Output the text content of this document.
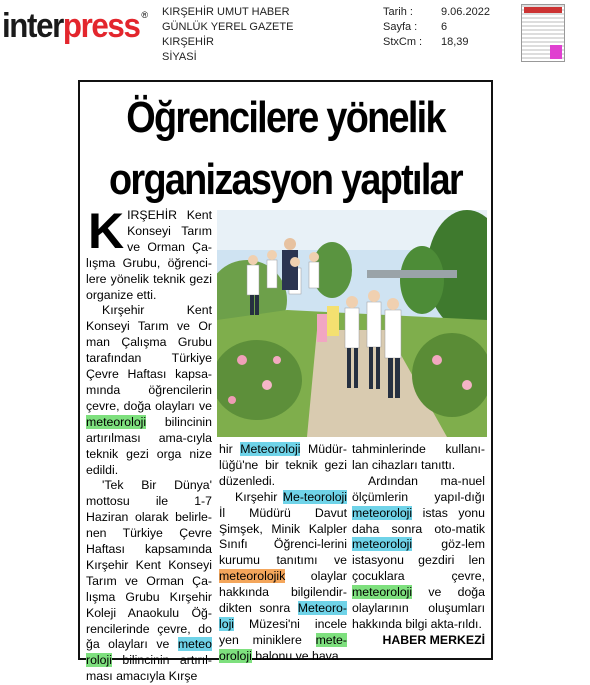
interpress ® KIRŞEHİR UMUT HABER
GÜNLÜK YEREL GAZETE
KIRŞEHİR
SİYASİ
Tarih :	9.06.2022
Sayfa :	6
StxCm :	18,39
Öğrencilere yönelik
organizasyon yaptılar

KIRŞEHİR Kent Konseyi Tarım ve Orman Ça-lışma Grubu, öğrenci-lere yönelik teknik gezi organize etti.

Kırşehir Kent Konseyi Tarım ve Or man Çalışma Grubu tarafından Türkiye Çevre Haftası kapsa-mında öğrencilerin çevre, doğa olayları ve meteoroloji bilincinin artırılması ama-cıyla teknik gezi orga nize edildi.

'Tek Bir Dünya' mottosu ile 1-7 Haziran olarak belirle-nen Türkiye Çevre Haftası kapsamında Kırşehir Kent Konseyi Tarım ve Orman Ça-lışma Grubu Kırşehir Koleji Anaokulu Öğ-rencilerinde çevre, do ğa olayları ve meteo roloji bilincinin artırıl-ması amacıyla Kırşe

hir Meteoroloji Müdür-lüğü'ne bir teknik gezi düzenledi.

Kırşehir Me-teoroloji İl Müdürü Davut Şimşek, Minik Kalpler Sınıfı Öğrenci-lerini kurumu tanıtımı ve meteorolojik olaylar hakkında bilgilendir-dikten sonra Meteoro-loji Müzesi'ni incele yen miniklere mete-oroloji balonu ve hava

tahminlerinde kullanı-lan cihazları tanıttı.

Ardından ma-nuel ölçümlerin yapıl-dığı meteoroloji istas yonu daha sonra oto-matik meteoroloji göz-lem istasyonu gezdiri len çocuklara çevre, meteoroloji ve doğa olaylarının oluşumları hakkında bilgi akta-rıldı.

HABER MERKEZİ
